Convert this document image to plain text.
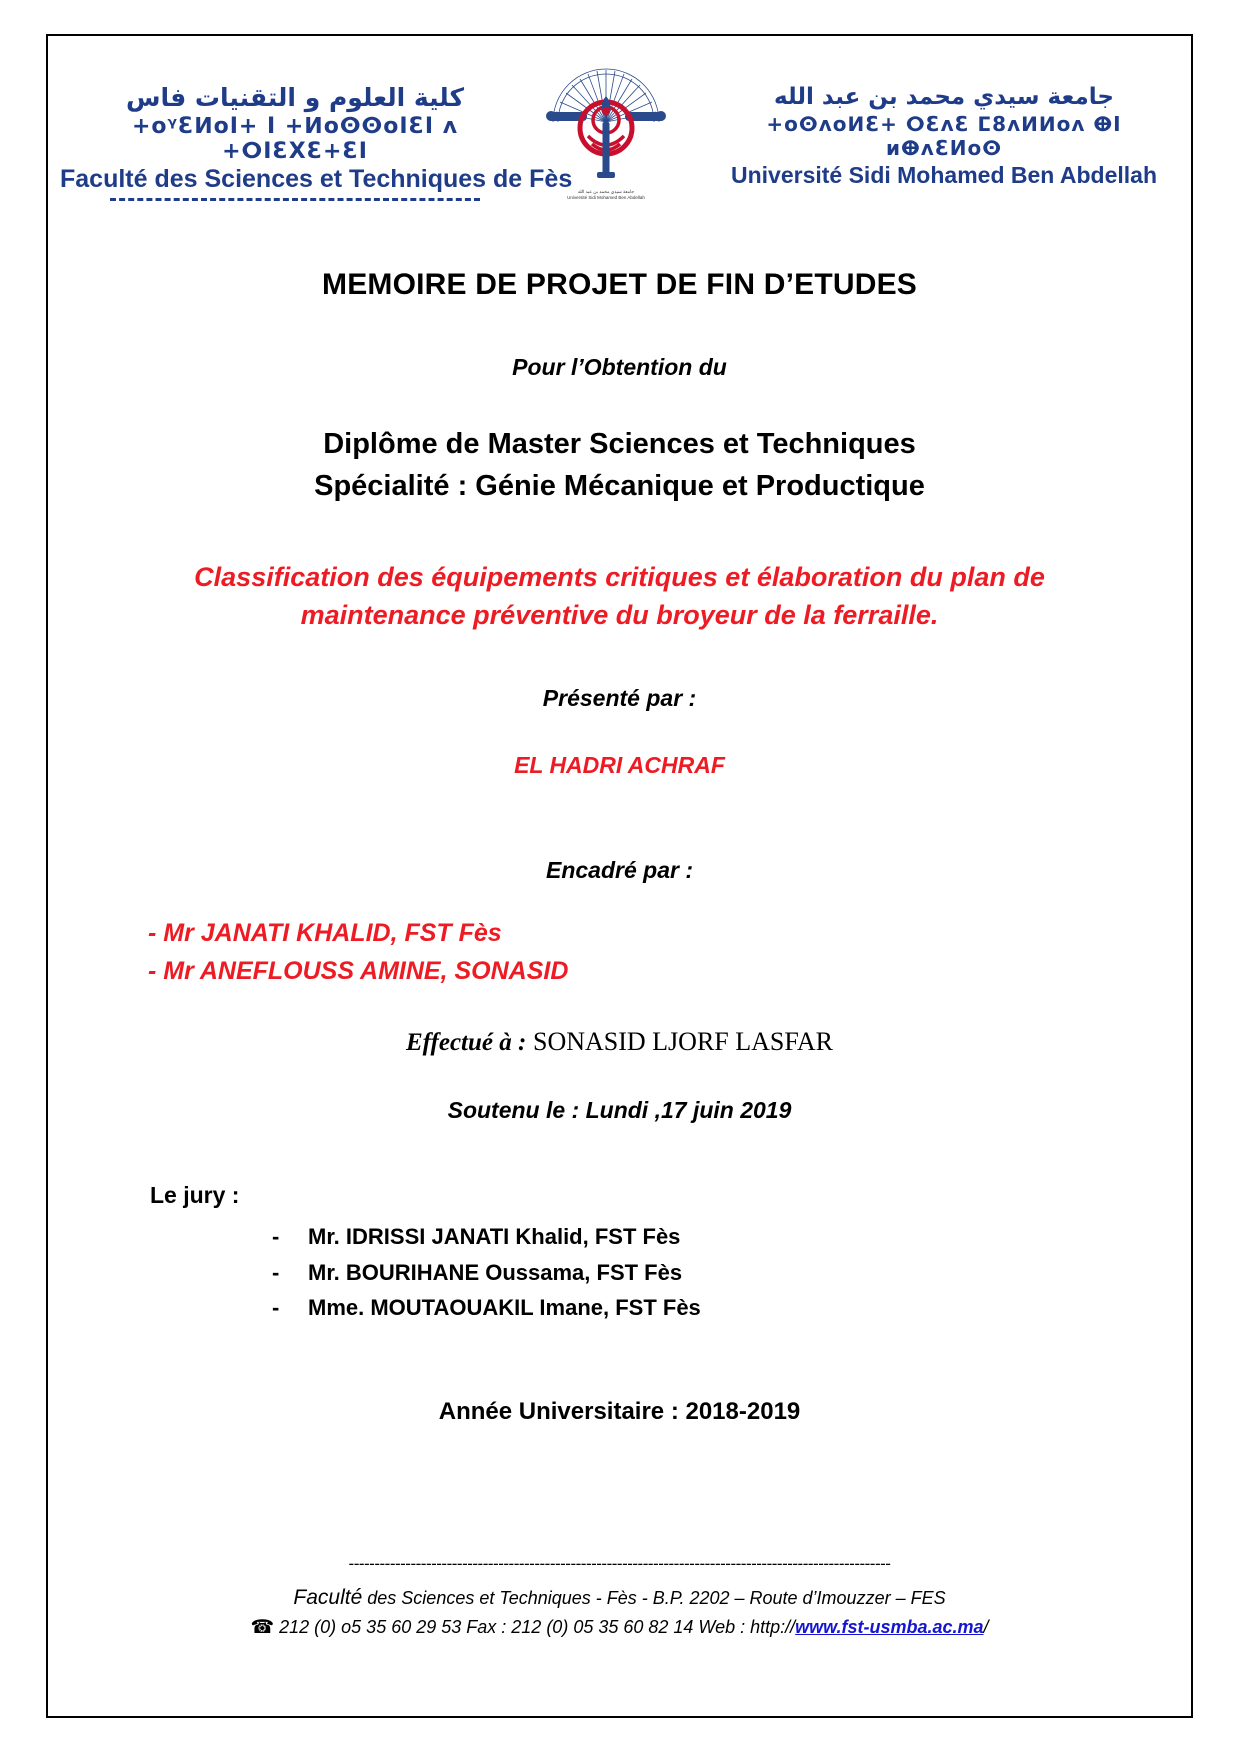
كلية العلوم و التقنيات فاس
+oᵞƐⵍoI+ I +ⵍoⵙⵙoIƐI ᴧ +ⵔIƐXƐ+ƐI
Faculté des Sciences et Techniques de Fès	جامعة سيدي محمد بن عبد الله
Université Sidi Mohamed Ben Abdellah
جامعة سيدي محمد بن عبد الله
+oⵙᴧoⵍƐ+ ⵔƐᴧƐ ⵎ8ᴧⵍⵍoᴧ ⴲI ᴎⴲᴧƐИoⵙ
Université Sidi Mohamed Ben Abdellah
MEMOIRE DE PROJET DE FIN D’ETUDES
Pour l’Obtention du
Diplôme de Master Sciences et Techniques
Spécialité : Génie Mécanique et Productique
Classification des équipements critiques et élaboration du plan de
maintenance préventive du broyeur de la ferraille.
Présenté par :
EL HADRI ACHRAF
Encadré par :
- Mr JANATI KHALID, FST Fès
- Mr ANEFLOUSS AMINE, SONASID
Effectué à : SONASID LJORF LASFAR
Soutenu le : Lundi ,17 juin 2019
Le jury :
-	Mr. IDRISSI JANATI Khalid, FST Fès
-	Mr. BOURIHANE Oussama, FST Fès
-	Mme. MOUTAOUAKIL Imane, FST Fès
Année Universitaire : 2018-2019
---------------------------------------------------------------------------------------------------------
Faculté des Sciences et Techniques - Fès - B.P. 2202 – Route d’Imouzzer – FES
☎ 212 (0) o5 35 60 29 53 Fax : 212 (0) 05 35 60 82 14 Web : http://www.fst-usmba.ac.ma/
